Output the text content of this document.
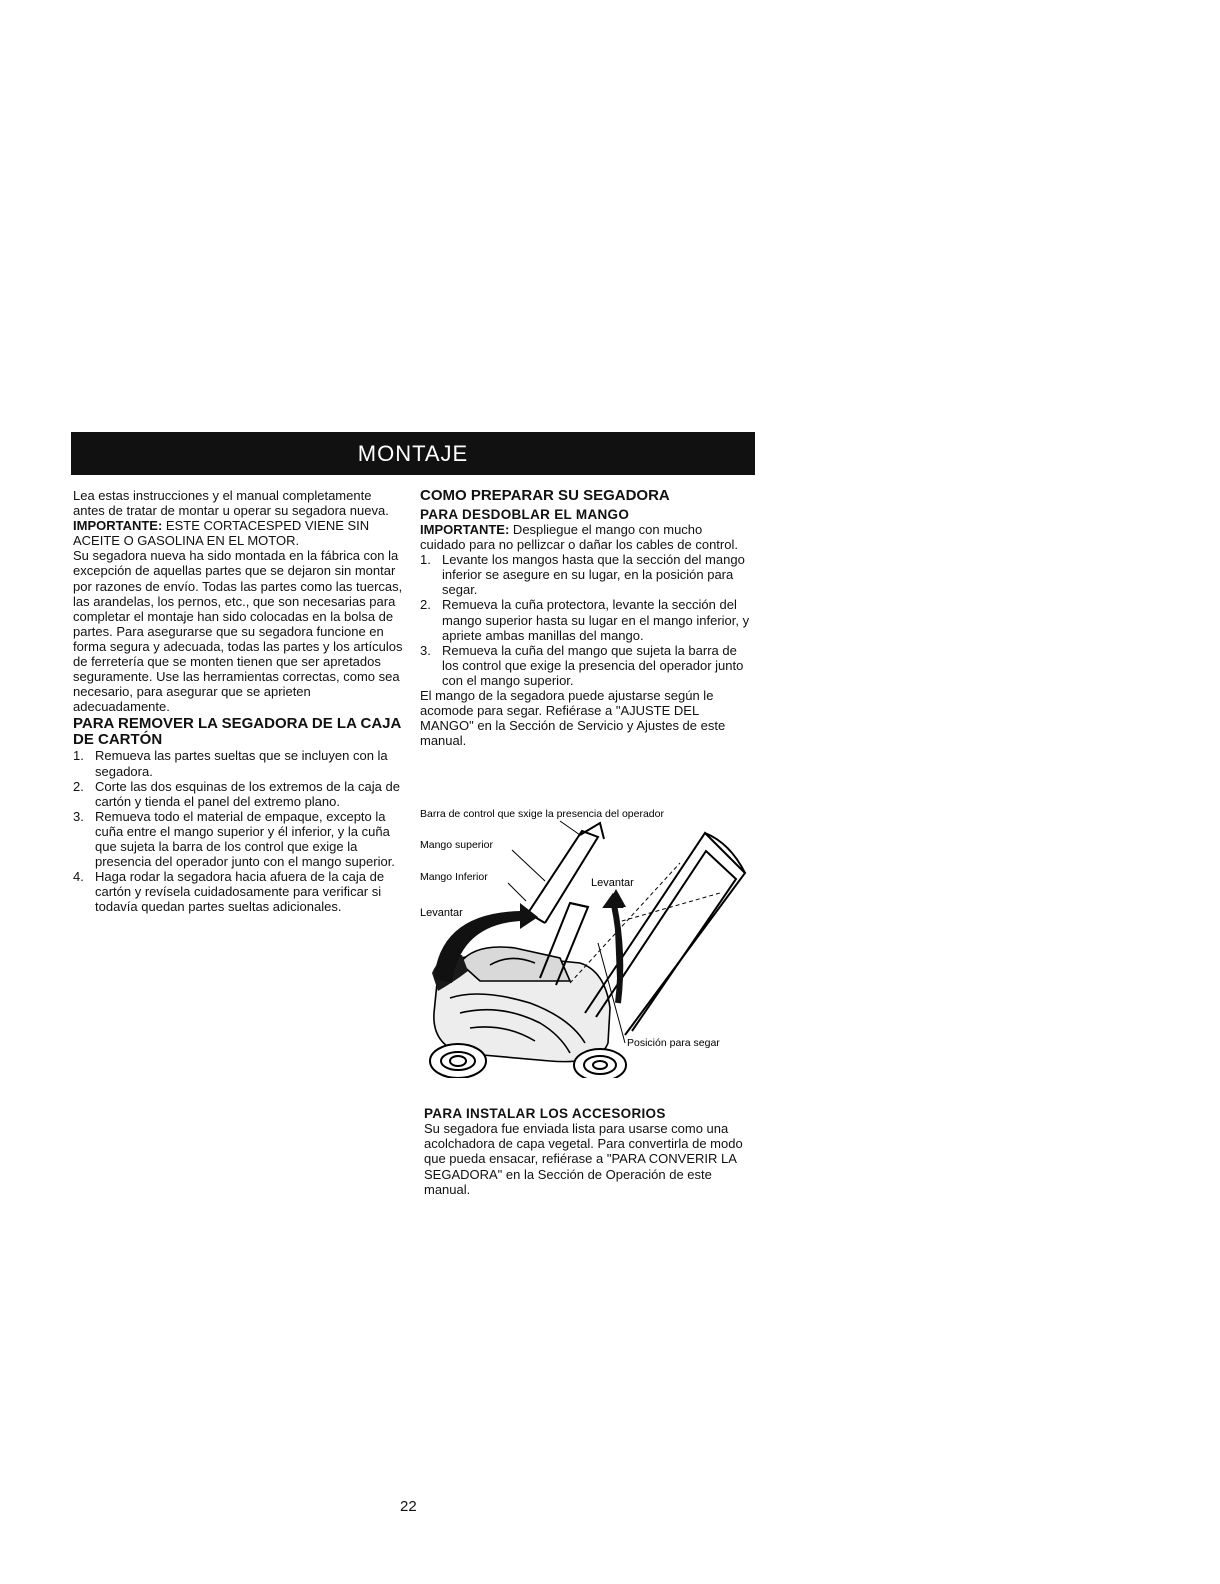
MONTAJE

Lea estas instrucciones y el manual completamente antes de tratar de montar u operar su segadora nueva.

IMPORTANTE: ESTE CORTACESPED VIENE SIN ACEITE O GASOLINA EN EL MOTOR.

Su segadora nueva ha sido montada en la fábrica con la excepción de aquellas partes que se dejaron sin montar por razones de envío. Todas las partes como las tuercas, las arandelas, los pernos, etc., que son necesarias para completar el montaje han sido colocadas en la bolsa de partes. Para asegurarse que su segadora funcione en forma segura y adecuada, todas las partes y los artículos de ferretería que se monten tienen que ser apretados seguramente. Use las herramientas correctas, como sea necesario, para asegurar que se aprieten adecuadamente.

PARA REMOVER LA SEGADORA DE LA CAJA DE CARTÓN

1. Remueva las partes sueltas que se incluyen con la segadora.
2. Corte las dos esquinas de los extremos de la caja de cartón y tienda el panel del extremo plano.
3. Remueva todo el material de empaque, excepto la cuña entre el mango superior y él inferior, y la cuña que sujeta la barra de los control que exige la presencia del operador junto con el mango superior.
4. Haga rodar la segadora hacia afuera de la caja de cartón y revísela cuidadosamente para verificar si todavía quedan partes sueltas adicionales.

COMO PREPARAR SU SEGADORA

PARA DESDOBLAR EL MANGO

IMPORTANTE: Despliegue el mango con mucho cuidado para no pellizcar o dañar los cables de control.

1. Levante los mangos hasta que la sección del mango inferior se asegure en su lugar, en la posición para segar.
2. Remueva la cuña protectora, levante la sección del mango superior hasta su lugar en el mango inferior, y apriete ambas manillas del mango.
3. Remueva la cuña del mango que sujeta la barra de los control que exige la presencia del operador junto con el mango superior.

El mango de la segadora puede ajustarse según le acomode para segar. Refiérase a "AJUSTE DEL MANGO" en la Sección de Servicio y Ajustes de este manual.

Barra de control que sxige la presencia del operador
Mango superior
Mango Inferior
Levantar
Levantar
Posición para segar

PARA INSTALAR LOS ACCESORIOS

Su segadora fue enviada lista para usarse como una acolchadora de capa vegetal. Para convertirla de modo que pueda ensacar, refiérase a "PARA CONVERIR LA SEGADORA" en la Sección de Operación de este manual.

22
